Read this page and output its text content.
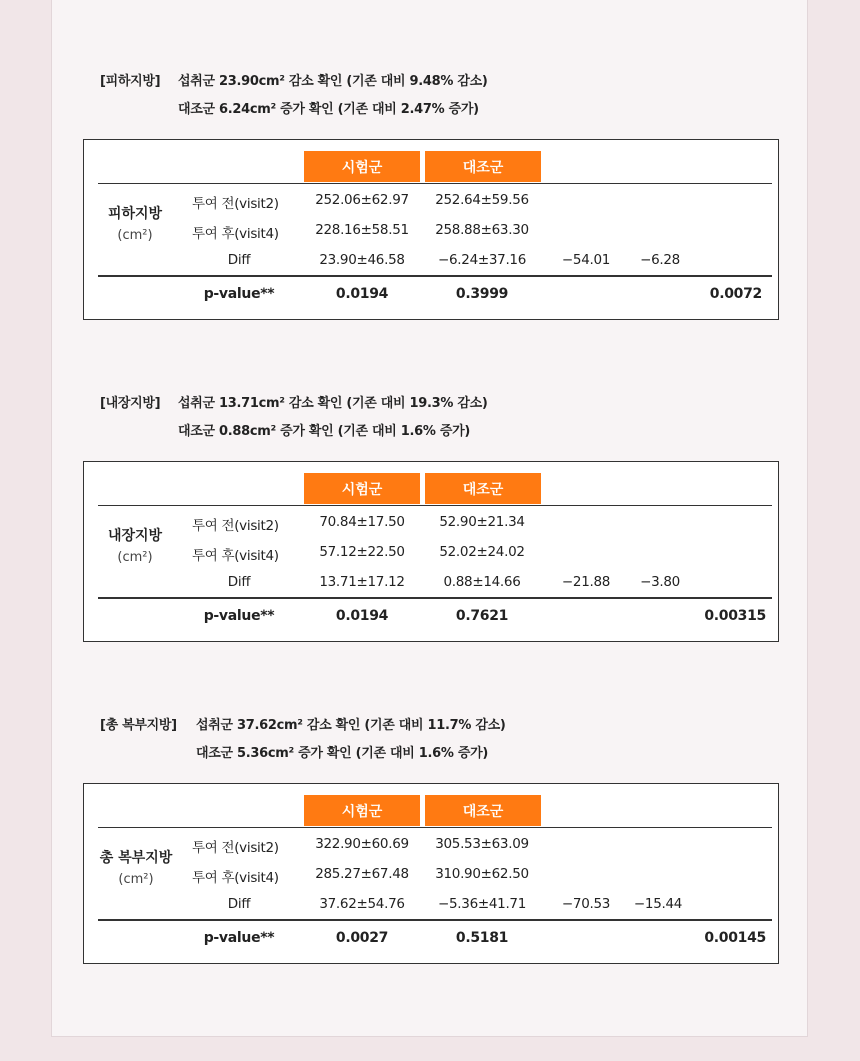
[피하지방] 섭취군 23.90cm² 감소 확인 (기존 대비 9.48% 감소)
대조군 6.24cm² 증가 확인 (기존 대비 2.47% 증가)
시험군	대조군
피하지방
(cm²)
투여 전(visit2)	252.06±62.97 252.64±59.56
투여 후(visit4)	228.16±58.51 258.88±63.30
Diff	23.90±46.58 −6.24±37.16	−54.01 −6.28
p-value**	0.0194	0.3999	0.0072
[내장지방] 섭취군 13.71cm² 감소 확인 (기존 대비 19.3% 감소)
대조군 0.88cm² 증가 확인 (기존 대비 1.6% 증가)
시험군	대조군
내장지방
(cm²)
투여 전(visit2)	70.84±17.50	52.90±21.34
투여 후(visit4)	57.12±22.50	52.02±24.02
Diff	13.71±17.12	0.88±14.66	−21.88 −3.80
p-value**	0.0194	0.7621	0.00315
[총 복부지방] 섭취군 37.62cm² 감소 확인 (기존 대비 11.7% 감소)
대조군 5.36cm² 증가 확인 (기존 대비 1.6% 증가)
시험군	대조군
총 복부지방
(cm²)
투여 전(visit2)	322.90±60.69 305.53±63.09
투여 후(visit4)	285.27±67.48 310.90±62.50
Diff	37.62±54.76 −5.36±41.71	−70.53 −15.44
p-value**	0.0027	0.5181	0.00145
